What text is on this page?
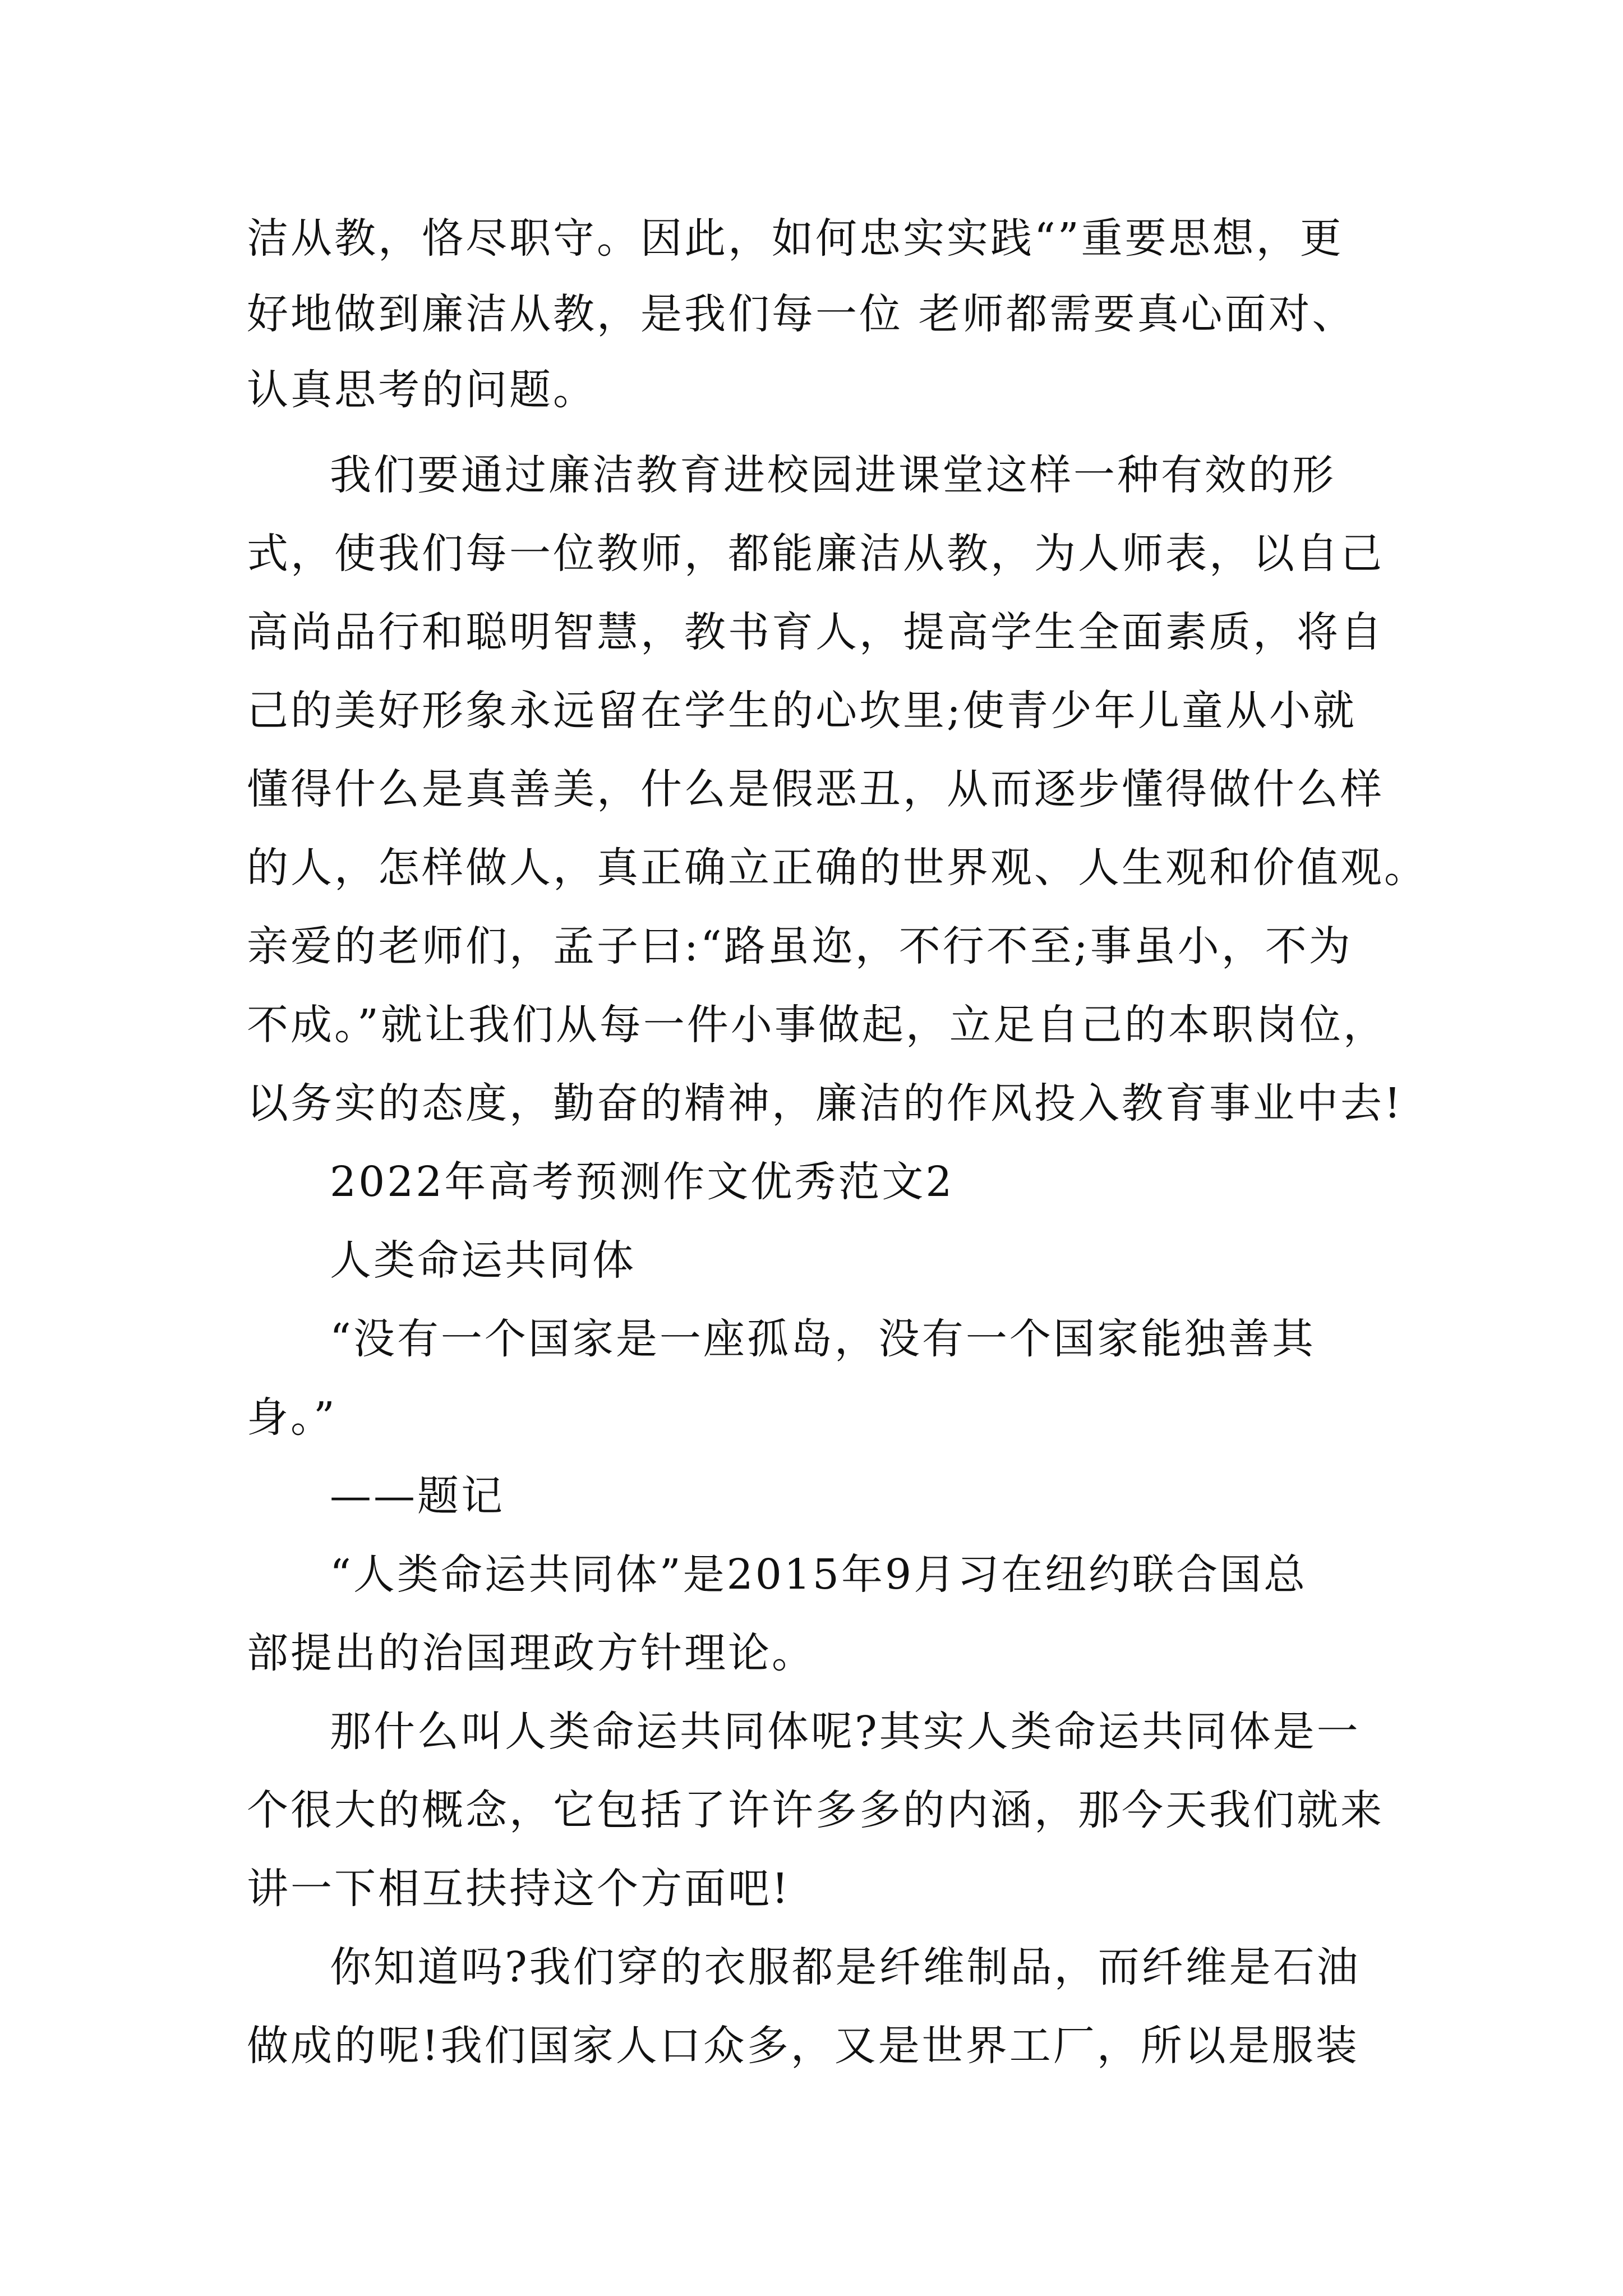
洁从教，恪尽职守。因此，如何忠实实践“”重要思想，更
好地做到廉洁从教，是我们每一位 老师都需要真心面对、
认真思考的问题。
我们要通过廉洁教育进校园进课堂这样一种有效的形
式，使我们每一位教师，都能廉洁从教，为人师表，以自己
高尚品行和聪明智慧，教书育人，提高学生全面素质，将自
己的美好形象永远留在学生的心坎里;使青少年儿童从小就
懂得什么是真善美，什么是假恶丑，从而逐步懂得做什么样
的人，怎样做人，真正确立正确的世界观、人生观和价值观。
亲爱的老师们，孟子曰:“路虽迩，不行不至;事虽小，不为
不成。”就让我们从每一件小事做起，立足自己的本职岗位，
以务实的态度，勤奋的精神，廉洁的作风投入教育事业中去!
2022年高考预测作文优秀范文2
人类命运共同体
“没有一个国家是一座孤岛，没有一个国家能独善其
身。”
——题记
“人类命运共同体”是2015年9月习在纽约联合国总
部提出的治国理政方针理论。
那什么叫人类命运共同体呢?其实人类命运共同体是一
个很大的概念，它包括了许许多多的内涵，那今天我们就来
讲一下相互扶持这个方面吧!
你知道吗?我们穿的衣服都是纤维制品，而纤维是石油
做成的呢!我们国家人口众多，又是世界工厂，所以是服装
